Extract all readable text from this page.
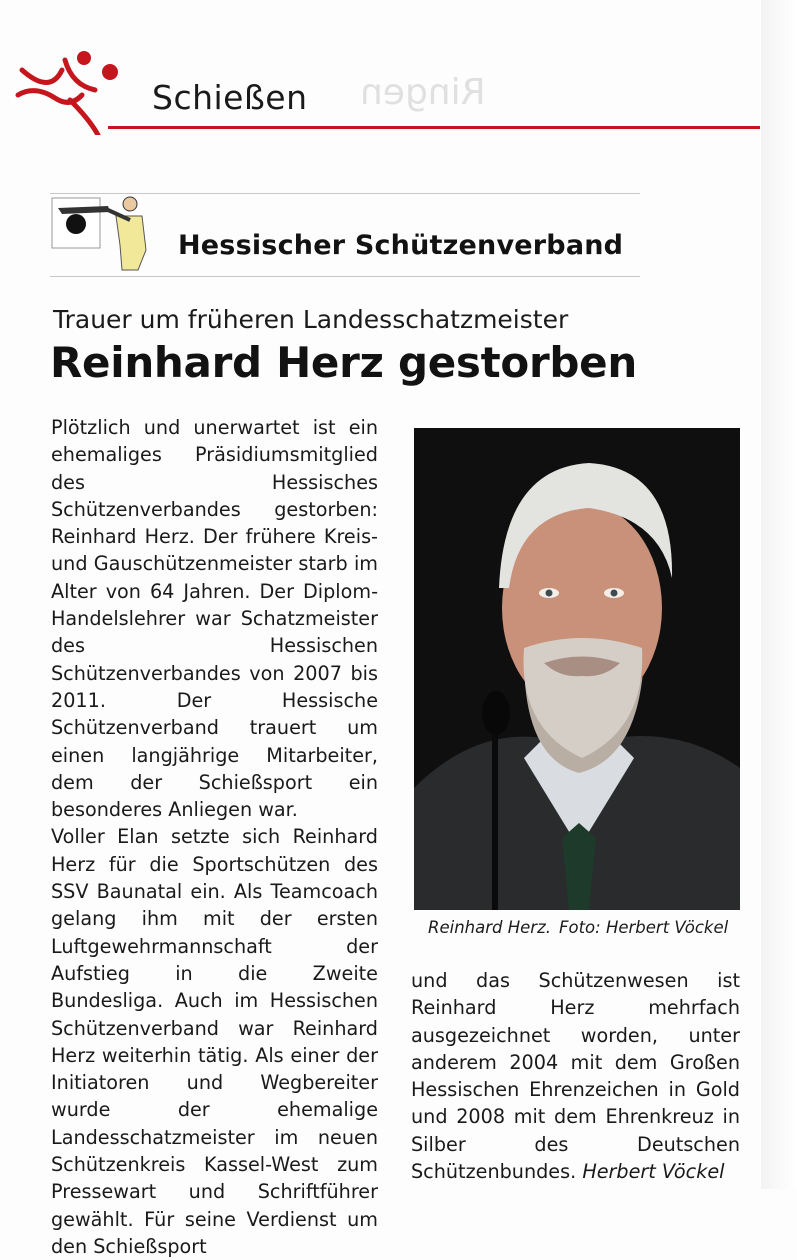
Ringen
Schießen
Hessischer Schützenverband
Trauer um früheren Landesschatzmeister
Reinhard Herz gestorben

Plötzlich und unerwartet ist ein ehemaliges Präsidiumsmitglied des Hessisches Schützenverbandes gestorben: Reinhard Herz. Der frühere Kreis- und Gauschützenmeister starb im Alter von 64 Jahren. Der Diplom-Handelslehrer war Schatzmeister des Hessischen Schützenverbandes von 2007 bis 2011. Der Hessische Schützenverband trauert um einen langjährige Mitarbeiter, dem der Schießsport ein besonderes Anliegen war.

Voller Elan setzte sich Reinhard Herz für die Sportschützen des SSV Baunatal ein. Als Teamcoach gelang ihm mit der ersten Luftgewehrmannschaft der Aufstieg in die Zweite Bundesliga. Auch im Hessischen Schützenverband war Reinhard Herz weiterhin tätig. Als einer der Initiatoren und Wegbereiter wurde der ehemalige Landesschatzmeister im neuen Schützenkreis Kassel-West zum Pressewart und Schriftführer gewählt. Für seine Verdienst um den Schießsport

Reinhard Herz. Foto: Herbert Vöckel

und das Schützenwesen ist Reinhard Herz mehrfach ausgezeichnet worden, unter anderem 2004 mit dem Großen Hessischen Ehrenzeichen in Gold und 2008 mit dem Ehrenkreuz in Silber des Deutschen Schützenbundes. Herbert Vöckel
